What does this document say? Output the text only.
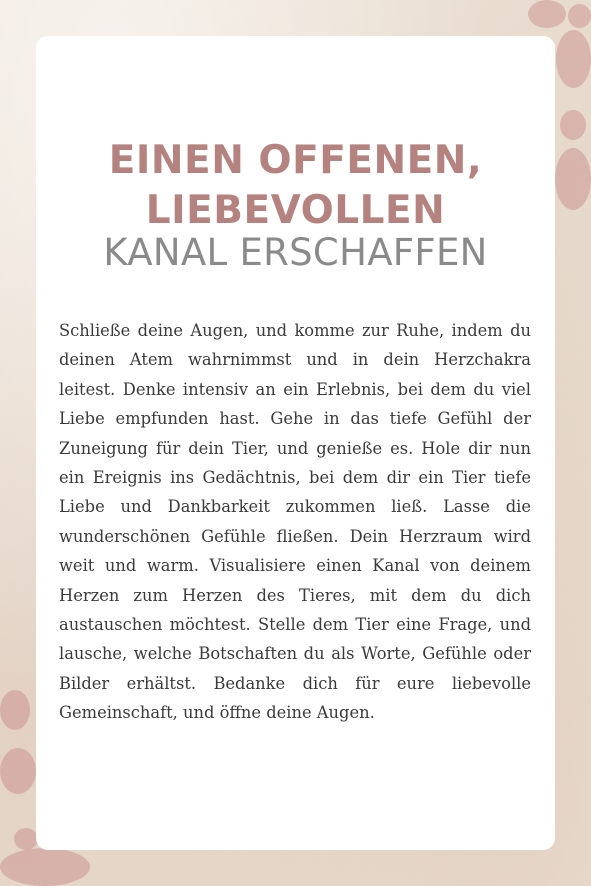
EINEN OFFENEN,
LIEBEVOLLEN
KANAL ERSCHAFFEN
Schließe deine Augen, und komme zur Ruhe, indem du deinen Atem wahrnimmst und in dein Herzchakra leitest. Denke intensiv an ein Erlebnis, bei dem du viel Liebe empfunden hast. Gehe in das tiefe Gefühl der Zuneigung für dein Tier, und genieße es. Hole dir nun ein Ereignis ins Gedächtnis, bei dem dir ein Tier tiefe Liebe und Dankbarkeit zukommen ließ. Lasse die wunderschönen Gefühle fließen. Dein Herzraum wird weit und warm. Visualisiere einen Kanal von deinem Herzen zum Herzen des Tieres, mit dem du dich austauschen möchtest. Stelle dem Tier eine Frage, und lausche, welche Botschaften du als Worte, Gefühle oder Bilder erhältst. Bedanke dich für eure liebevolle Gemeinschaft, und öffne deine Augen.
